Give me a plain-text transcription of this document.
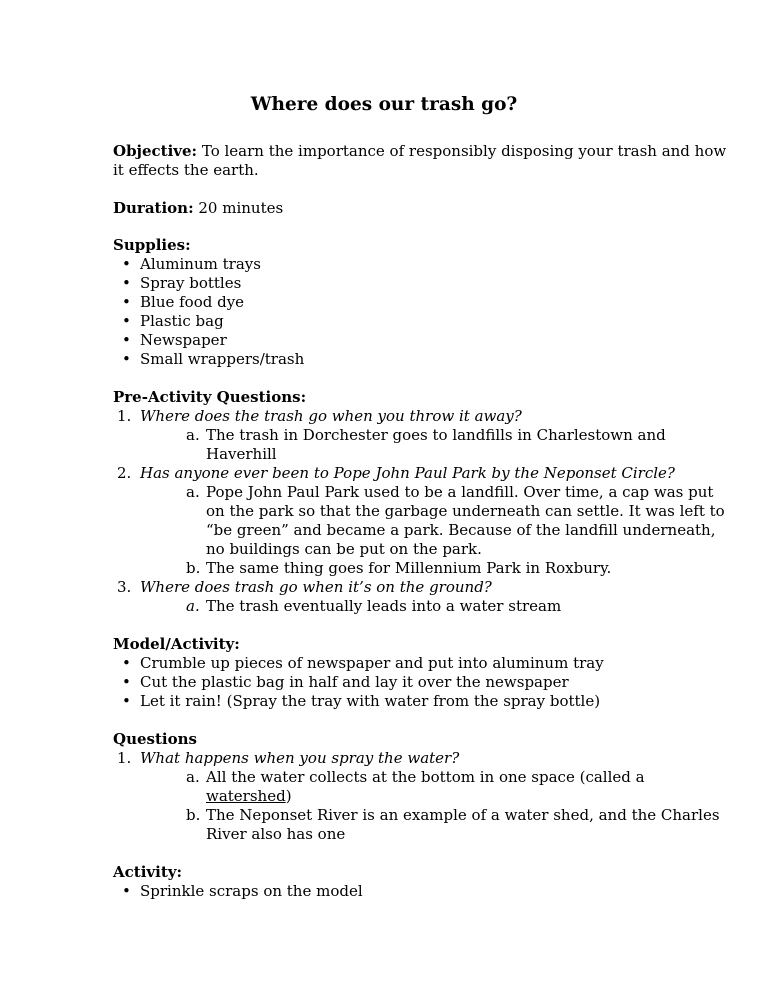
Where does our trash go?
Objective: To learn the importance of responsibly disposing your trash and how
it effects the earth.
Duration: 20 minutes
Supplies:
• Aluminum trays
• Spray bottles
• Blue food dye
• Plastic bag
• Newspaper
• Small wrappers/trash
Pre-Activity Questions:
1. Where does the trash go when you throw it away?
a. The trash in Dorchester goes to landfills in Charlestown and
Haverhill
2. Has anyone ever been to Pope John Paul Park by the Neponset Circle?
a. Pope John Paul Park used to be a landfill. Over time, a cap was put
on the park so that the garbage underneath can settle. It was left to
“be green” and became a park. Because of the landfill underneath,
no buildings can be put on the park.
b. The same thing goes for Millennium Park in Roxbury.
3. Where does trash go when it’s on the ground?
a. The trash eventually leads into a water stream
Model/Activity:
• Crumble up pieces of newspaper and put into aluminum tray
• Cut the plastic bag in half and lay it over the newspaper
• Let it rain! (Spray the tray with water from the spray bottle)
Questions
1. What happens when you spray the water?
a. All the water collects at the bottom in one space (called a
watershed)
b. The Neponset River is an example of a water shed, and the Charles
River also has one
Activity:
• Sprinkle scraps on the model
